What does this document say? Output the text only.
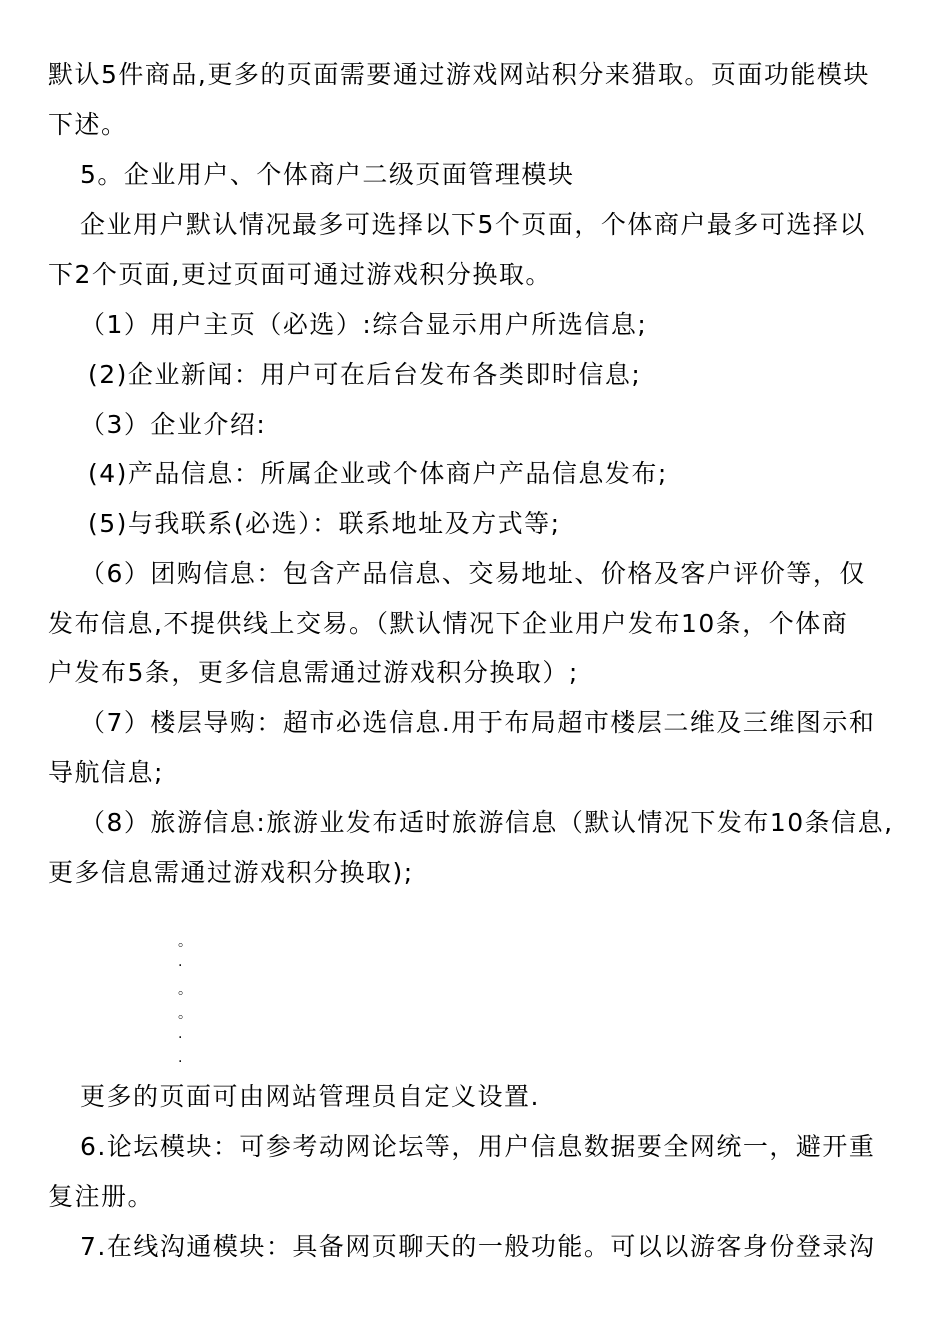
默认5件商品,更多的页面需要通过游戏网站积分来猎取。页面功能模块
下述。
5。企业用户、个体商户二级页面管理模块
企业用户默认情况最多可选择以下5个页面，个体商户最多可选择以
下2个页面,更过页面可通过游戏积分换取。
（1）用户主页（必选）:综合显示用户所选信息;
(2)企业新闻：用户可在后台发布各类即时信息;
（3）企业介绍:
(4)产品信息：所属企业或个体商户产品信息发布;
(5)与我联系(必选）：联系地址及方式等;
（6）团购信息：包含产品信息、交易地址、价格及客户评价等，仅
发布信息,不提供线上交易。（默认情况下企业用户发布10条，个体商
户发布5条，更多信息需通过游戏积分换取）;
（7）楼层导购：超市必选信息.用于布局超市楼层二维及三维图示和
导航信息;
（8）旅游信息:旅游业发布适时旅游信息（默认情况下发布10条信息,
更多信息需通过游戏积分换取);
。
·
。
。
·
·
更多的页面可由网站管理员自定义设置.
6.论坛模块：可参考动网论坛等，用户信息数据要全网统一，避开重
复注册。
7.在线沟通模块：具备网页聊天的一般功能。可以以游客身份登录沟
